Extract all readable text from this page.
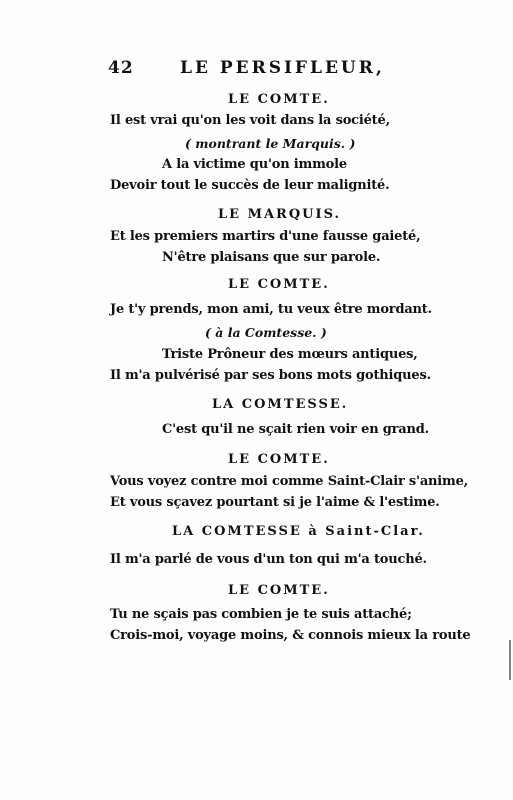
42	LE PERSIFLEUR,
LE COMTE.
Il est vrai qu'on les voit dans la société,
( montrant le Marquis. )
A la victime qu'on immole
Devoir tout le succès de leur malignité.
LE MARQUIS.
Et les premiers martirs d'une fausse gaieté,
N'être plaisans que sur parole.
LE COMTE.
Je t'y prends, mon ami, tu veux être mordant.
( à la Comtesse. )
Triste Prôneur des mœurs antiques,
Il m'a pulvérisé par ses bons mots gothiques.
LA COMTESSE.
C'est qu'il ne sçait rien voir en grand.
LE COMTE.
Vous voyez contre moi comme Saint-Clair s'anime,
Et vous sçavez pourtant si je l'aime & l'estime.
LA COMTESSE à Saint-Clar.
Il m'a parlé de vous d'un ton qui m'a touché.
LE COMTE.
Tu ne sçais pas combien je te suis attaché;
Crois-moi, voyage moins, & connois mieux la route
